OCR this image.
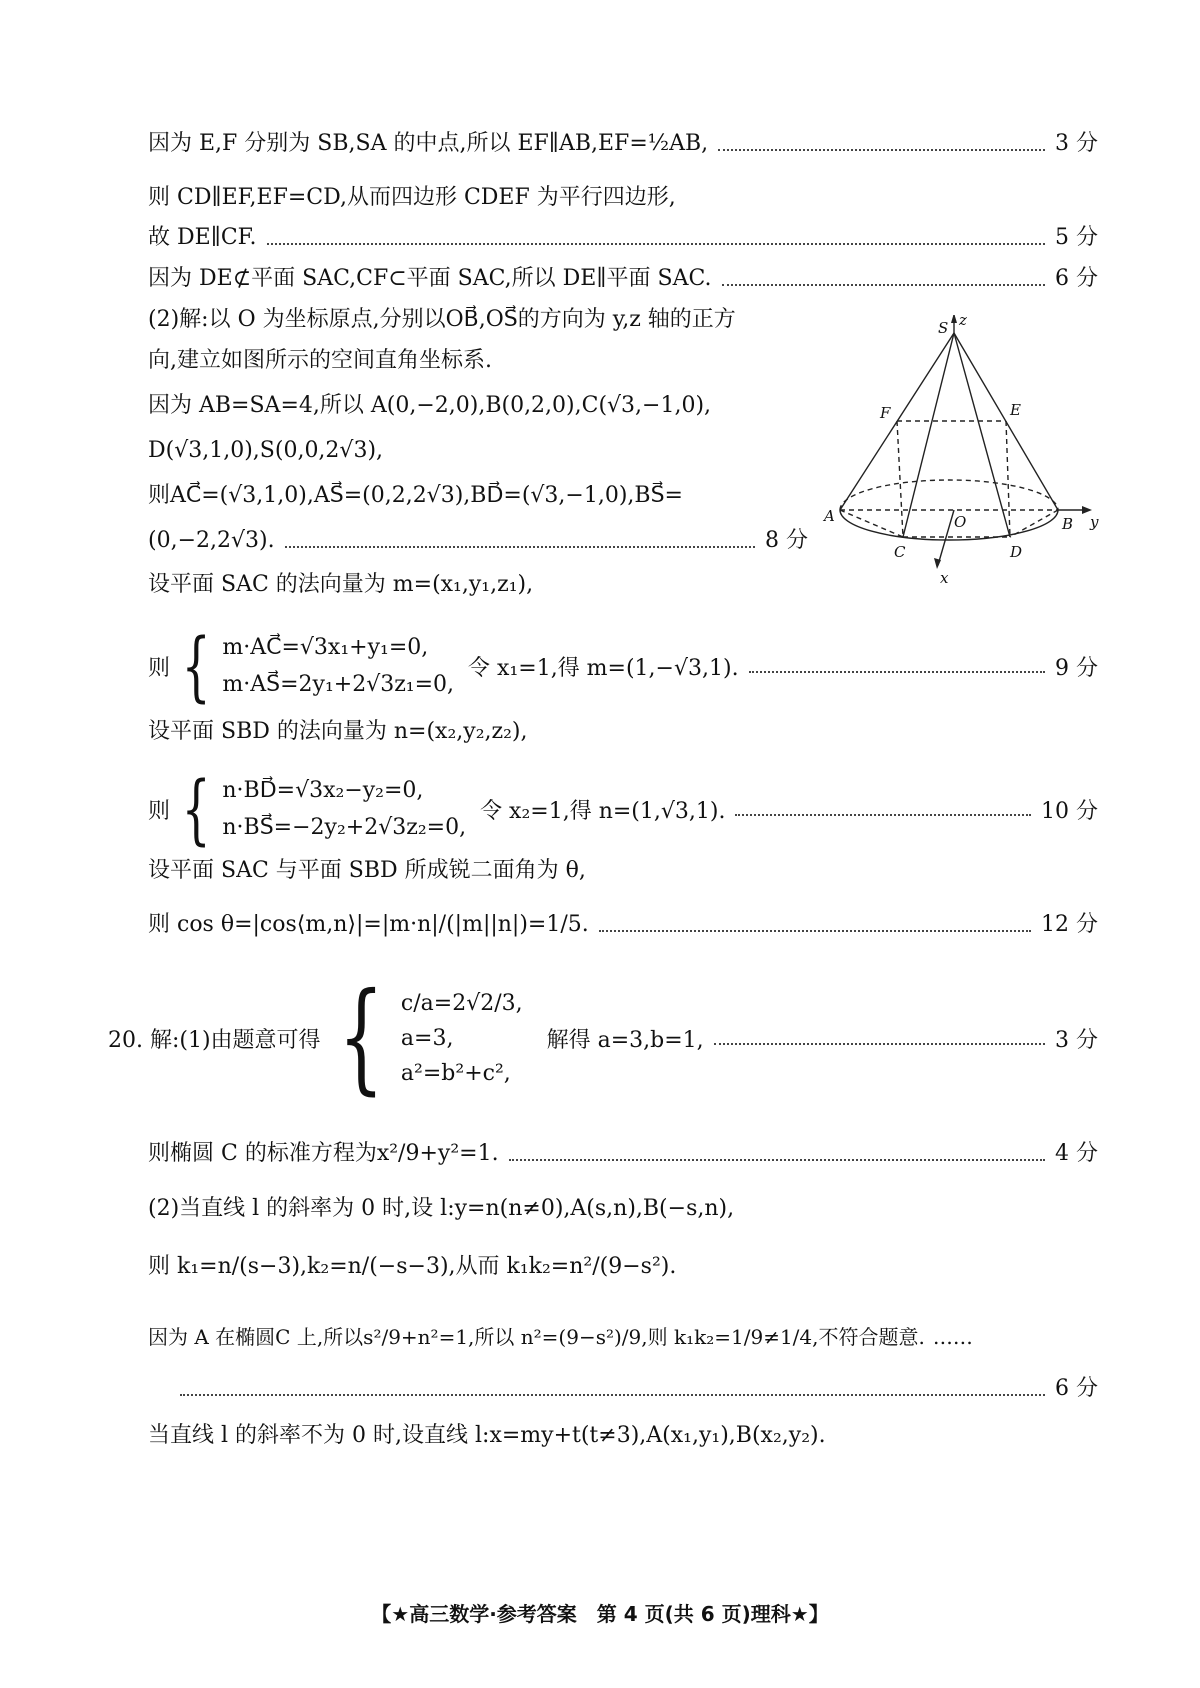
因为 E,F 分别为 SB,SA 的中点,所以 EF∥AB,EF=½AB,	3 分
则 CD∥EF,EF=CD,从而四边形 CDEF 为平行四边形,
故 DE∥CF.	5 分
因为 DE⊄平面 SAC,CF⊂平面 SAC,所以 DE∥平面 SAC.	6 分
(2)解:以 O 为坐标原点,分别以OB⃗,OS⃗的方向为 y,z 轴的正方
向,建立如图所示的空间直角坐标系.
因为 AB=SA=4,所以 A(0,−2,0),B(0,2,0),C(√3,−1,0),
D(√3,1,0),S(0,0,2√3),
则AC⃗=(√3,1,0),AS⃗=(0,2,2√3),BD⃗=(√3,−1,0),BS⃗=
(0,−2,2√3).	8 分
S z
F	E
A	O	B y
C	D
x
设平面 SAC 的法向量为 m=(x₁,y₁,z₁),
则 { m·AC⃗=√3x₁+y₁=0,
m·AS⃗=2y₁+2√3z₁=0,
令 x₁=1,得 m=(1,−√3,1).	9 分
设平面 SBD 的法向量为 n=(x₂,y₂,z₂),
则 { n·BD⃗=√3x₂−y₂=0,
n·BS⃗=−2y₂+2√3z₂=0,
令 x₂=1,得 n=(1,√3,1).	10 分
设平面 SAC 与平面 SBD 所成锐二面角为 θ,
则 cos θ=|cos⟨m,n⟩|=|m·n|/(|m||n|)=1/5.	12 分
20. 解:(1)由题意可得 { c/a=2√2/3,
a=3,
a²=b²+c²,
解得 a=3,b=1,	3 分
则椭圆 C 的标准方程为x²/9+y²=1.	4 分
(2)当直线 l 的斜率为 0 时,设 l:y=n(n≠0),A(s,n),B(−s,n),
则 k₁=n/(s−3),k₂=n/(−s−3),从而 k₁k₂=n²/(9−s²).
因为 A 在椭圆C 上,所以s²/9+n²=1,所以 n²=(9−s²)/9,则 k₁k₂=1/9≠1/4,不符合题意. ……
6 分
当直线 l 的斜率不为 0 时,设直线 l:x=my+t(t≠3),A(x₁,y₁),B(x₂,y₂).
【★高三数学·参考答案　第 4 页(共 6 页)理科★】
